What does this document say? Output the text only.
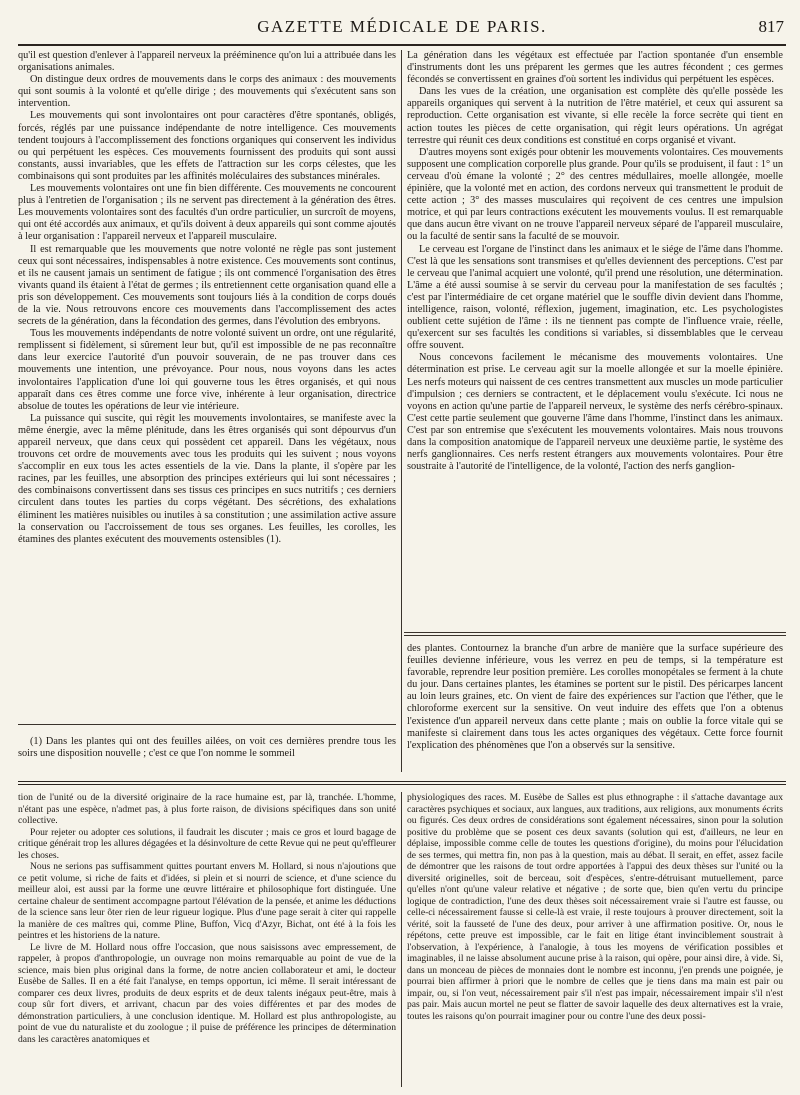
GAZETTE MÉDICALE DE PARIS.	817

qu'il est question d'enlever à l'appareil nerveux la prééminence qu'on lui a attribuée dans les organisations animales.

On distingue deux ordres de mouvements dans le corps des animaux : des mouvements qui sont soumis à la volonté et qu'elle dirige ; des mouvements qui s'exécutent sans son intervention.

Les mouvements qui sont involontaires ont pour caractères d'être spontanés, obligés, forcés, réglés par une puissance indépendante de notre intelligence. Ces mouvements tendent toujours à l'accomplissement des fonctions organiques qui conservent les individus ou qui perpétuent les espèces. Ces mouvements fournissent des produits qui sont aussi constants, aussi invariables, que les effets de l'attraction sur les corps célestes, que les combinaisons qui sont produites par les affinités moléculaires des substances minérales.

Les mouvements volontaires ont une fin bien différente. Ces mouvements ne concourent plus à l'entretien de l'organisation ; ils ne servent pas directement à la génération des êtres. Les mouvements volontaires sont des facultés d'un ordre particulier, un surcroît de moyens, qui ont été accordés aux animaux, et qu'ils doivent à deux appareils qui sont comme ajoutés à leur organisation : l'appareil nerveux et l'appareil musculaire.

Il est remarquable que les mouvements que notre volonté ne règle pas sont justement ceux qui sont nécessaires, indispensables à notre existence. Ces mouvements sont continus, et ils ne causent jamais un sentiment de fatigue ; ils ont commencé l'organisation des êtres vivants quand ils étaient à l'état de germes ; ils entretiennent cette organisation quand elle a pris son développement. Ces mouvements sont toujours liés à la condition de corps doués de la vie. Nous retrouvons encore ces mouvements dans l'accomplissement des actes secrets de la génération, dans la fécondation des germes, dans l'évolution des embryons.

Tous les mouvements indépendants de notre volonté suivent un ordre, ont une régularité, remplissent si fidèlement, si sûrement leur but, qu'il est impossible de ne pas reconnaître dans leur exercice l'autorité d'un pouvoir souverain, de ne pas trouver dans ces mouvements une intention, une prévoyance. Pour nous, nous voyons dans les actes involontaires l'application d'une loi qui gouverne tous les êtres organisés, et qui nous apparaît dans ces êtres comme une force vive, inhérente à leur organisation, directrice absolue de toutes les opérations de leur vie intérieure.

La puissance qui suscite, qui règit les mouvements involontaires, se manifeste avec la même énergie, avec la même plénitude, dans les êtres organisés qui sont dépourvus d'un appareil nerveux, que dans ceux qui possèdent cet appareil. Dans les végétaux, nous trouvons cet ordre de mouvements avec tous les produits qui les suivent ; nous voyons s'accomplir en eux tous les actes essentiels de la vie. Dans la plante, il s'opère par les racines, par les feuilles, une absorption des principes extérieurs qui lui sont nécessaires ; des combinaisons convertissent dans ses tissus ces principes en sucs nutritifs ; ces derniers circulent dans toutes les parties du corps végétant. Des sécrétions, des exhalations éliminent les matières nuisibles ou inutiles à sa constitution ; une assimilation active assure la conservation ou l'accroissement de tous ses organes. Les feuilles, les corolles, les étamines des plantes exécutent des mouvements ostensibles (1).

La génération dans les végétaux est effectuée par l'action spontanée d'un ensemble d'instruments dont les uns préparent les germes que les autres fécondent ; ces germes fécondés se convertissent en graines d'où sortent les individus qui perpétuent les espèces.

Dans les vues de la création, une organisation est complète dès qu'elle possède les appareils organiques qui servent à la nutrition de l'être matériel, et ceux qui assurent sa reproduction. Cette organisation est vivante, si elle recèle la force secrète qui tient en action toutes les pièces de cette organisation, qui règit leurs opérations. Un agrégat terrestre qui réunit ces deux conditions est constitué en corps organisé et vivant.

D'autres moyens sont exigés pour obtenir les mouvements volontaires. Ces mouvements supposent une complication corporelle plus grande. Pour qu'ils se produisent, il faut : 1° un cerveau d'où émane la volonté ; 2° des centres médullaires, moelle allongée, moelle épinière, que la volonté met en action, des cordons nerveux qui transmettent le produit de cette action ; 3° des masses musculaires qui reçoivent de ces centres une impulsion motrice, et qui par leurs contractions exécutent les mouvements voulus. Il est remarquable que dans aucun être vivant on ne trouve l'appareil nerveux séparé de l'appareil musculaire, ou la faculté de sentir sans la faculté de se mouvoir.

Le cerveau est l'organe de l'instinct dans les animaux et le siége de l'âme dans l'homme. C'est là que les sensations sont transmises et qu'elles deviennent des perceptions. C'est par le cerveau que l'animal acquiert une volonté, qu'il prend une résolution, une détermination. L'âme a été aussi soumise à se servir du cerveau pour la manifestation de ses facultés ; c'est par l'intermédiaire de cet organe matériel que le souffle divin devient dans l'homme, intelligence, raison, volonté, réflexion, jugement, imagination, etc. Les psychologistes oublient cette sujétion de l'âme : ils ne tiennent pas compte de l'influence vraie, réelle, qu'exercent sur ses facultés les conditions si variables, si dissemblables que le cerveau offre souvent.

Nous concevons facilement le mécanisme des mouvements volontaires. Une détermination est prise. Le cerveau agit sur la moelle allongée et sur la moelle épinière. Les nerfs moteurs qui naissent de ces centres transmettent aux muscles un mode particulier d'impulsion ; ces derniers se contractent, et le déplacement voulu s'exécute. Ici nous ne voyons en action qu'une partie de l'appareil nerveux, le système des nerfs cérébro-spinaux. C'est cette partie seulement que gouverne l'âme dans l'homme, l'instinct dans les animaux. C'est par son entremise que s'exécutent les mouvements volontaires. Mais nous trouvons dans la composition anatomique de l'appareil nerveux une deuxième partie, le système des nerfs ganglionnaires. Ces nerfs restent étrangers aux mouvements volontaires. Pour être soustraite à l'autorité de l'intelligence, de la volonté, l'action des nerfs ganglion-

des plantes. Contournez la branche d'un arbre de manière que la surface supérieure des feuilles devienne inférieure, vous les verrez en peu de temps, si la température est favorable, reprendre leur position première. Les corolles monopétales se ferment à la chute du jour. Dans certaines plantes, les étamines se portent sur le pistil. Des péricarpes lancent au loin leurs graines, etc. On vient de faire des expériences sur l'action que l'éther, que le chloroforme exercent sur la sensitive. On veut induire des effets que l'on a obtenus l'existence d'un appareil nerveux dans cette plante ; mais on oublie la force vitale qui se manifeste si clairement dans tous les actes organiques des végétaux. Cette force fournit l'explication des phénomènes que l'on a observés sur la sensitive.

(1) Dans les plantes qui ont des feuilles ailées, on voit ces dernières prendre tous les soirs une disposition nouvelle ; c'est ce que l'on nomme le sommeil

tion de l'unité ou de la diversité originaire de la race humaine est, par là, tranchée. L'homme, n'étant pas une espèce, n'admet pas, à plus forte raison, de divisions spécifiques dans son unité collective.

Pour rejeter ou adopter ces solutions, il faudrait les discuter ; mais ce gros et lourd bagage de critique générait trop les allures dégagées et la désinvolture de cette Revue qui ne peut qu'effleurer les choses.

Nous ne serions pas suffisamment quittes pourtant envers M. Hollard, si nous n'ajoutions que ce petit volume, si riche de faits et d'idées, si plein et si nourri de science, et d'une science du meilleur aloi, est aussi par la forme une œuvre littéraire et philosophique fort distinguée. Une certaine chaleur de sentiment accompagne partout l'élévation de la pensée, et anime les déductions de la science sans leur ôter rien de leur rigueur logique. Plus d'une page serait à citer qui rappelle la manière de ces maîtres qui, comme Pline, Buffon, Vicq d'Azyr, Bichat, ont été à la fois les peintres et les historiens de la nature.

Le livre de M. Hollard nous offre l'occasion, que nous saisissons avec empressement, de rappeler, à propos d'anthropologie, un ouvrage non moins remarquable au point de vue de la science, mais bien plus original dans la forme, de notre ancien collaborateur et ami, le docteur Eusèbe de Salles. Il en a été fait l'analyse, en temps opportun, ici même. Il serait intéressant de comparer ces deux livres, produits de deux esprits et de deux talents inégaux peut-être, mais à coup sûr fort divers, et arrivant, chacun par des voies différentes et par des modes de démonstration particuliers, à une conclusion identique. M. Hollard est plus anthropologiste, au point de vue du naturaliste et du zoologue ; il puise de préférence les principes de détermination dans les caractères anatomiques et

physiologiques des races. M. Eusèbe de Salles est plus ethnographe : il s'attache davantage aux caractères psychiques et sociaux, aux langues, aux traditions, aux religions, aux monuments écrits ou figurés. Ces deux ordres de considérations sont également nécessaires, sinon pour la solution positive du problème que se posent ces deux savants (solution qui est, d'ailleurs, ne leur en déplaise, impossible comme celle de toutes les questions d'origine), du moins pour l'élucidation de ses termes, qui mettra fin, non pas à la question, mais au débat. Il serait, en effet, assez facile de démontrer que les raisons de tout ordre apportées à l'appui des deux thèses sur l'unité ou la diversité originelles, soit de berceau, soit d'espèces, s'entre-détruisant mutuellement, parce qu'elles n'ont qu'une valeur relative et négative ; de sorte que, bien qu'en vertu du principe logique de contradiction, l'une des deux thèses soit nécessairement vraie si l'autre est fausse, ou celle-ci nécessairement fausse si celle-là est vraie, il reste toujours à prouver directement, soit la vérité, soit la fausseté de l'une des deux, pour arriver à une affirmation positive. Or, nous le répétons, cette preuve est impossible, car le fait en litige étant invinciblement soustrait à l'observation, à l'expérience, à l'analogie, à tous les moyens de vérification possibles et imaginables, il ne laisse absolument aucune prise à la raison, qui opère, pour ainsi dire, à vide. Si, dans un monceau de pièces de monnaies dont le nombre est inconnu, j'en prends une poignée, je pourrai bien affirmer à priori que le nombre de celles que je tiens dans ma main est pair ou impair, ou, si l'on veut, nécessairement pair s'il n'est pas impair, nécessairement impair s'il n'est pas pair. Mais aucun mortel ne peut se flatter de savoir laquelle des deux alternatives est la vraie, toutes les raisons qu'on pourrait imaginer pour ou contre l'une des deux possi-
